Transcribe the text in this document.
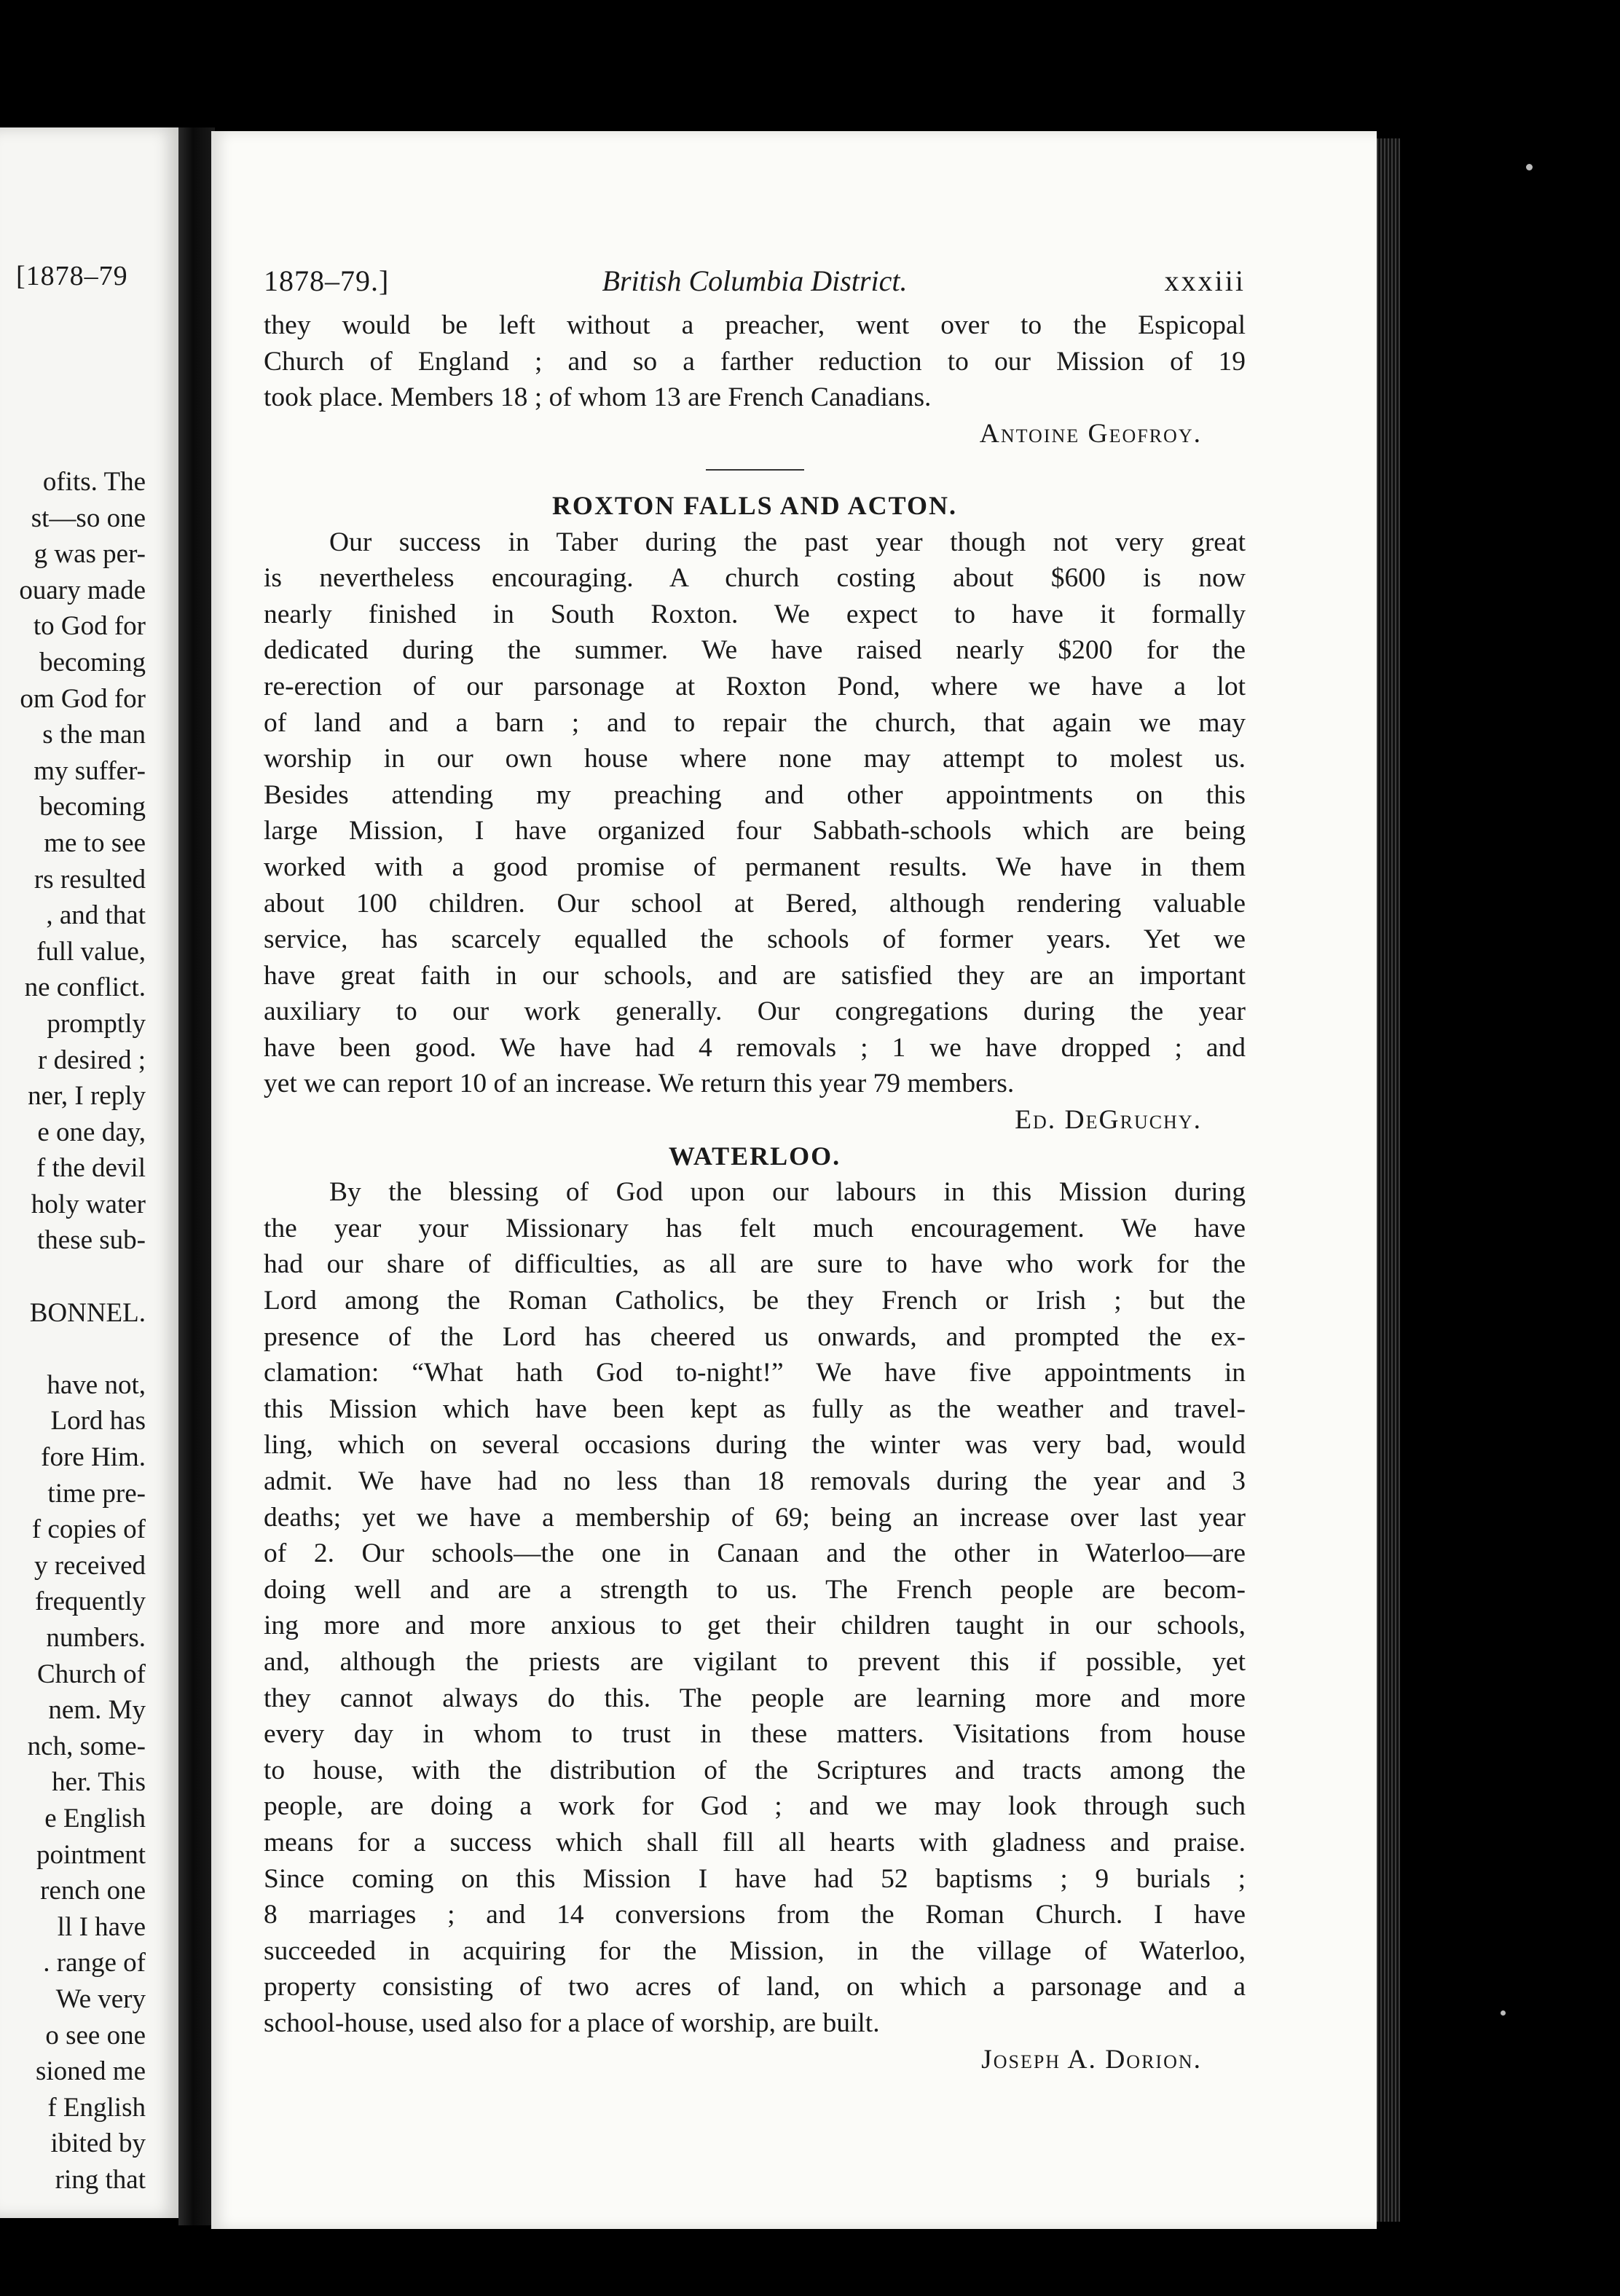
[1878–79
ofits. The
st—so one
g was per-
ouary made
to God for
becoming
om God for
s the man
my suffer-
becoming
me to see
rs resulted
, and that
full value,
ne conflict.
promptly
r desired ;
ner, I reply
e one day,
f the devil
holy water
these sub-
BONNEL.
have not,
Lord has
fore Him.
time pre-
f copies of
y received
frequently
numbers.
Church of
nem. My
nch, some-
her. This
e English
pointment
rench one
ll I have
. range of
We very
o see one
sioned me
f English
ibited by
ring that
1878–79.]	British Columbia District.	xxxiii
they would be left without a preacher, went over to the Espicopal
Church of England ; and so a farther reduction to our Mission of 19
took place. Members 18 ; of whom 13 are French Canadians.
Antoine Geofroy.
ROXTON FALLS AND ACTON.
Our success in Taber during the past year though not very great
is nevertheless encouraging. A church costing about $600 is now
nearly finished in South Roxton. We expect to have it formally
dedicated during the summer. We have raised nearly $200 for the
re-erection of our parsonage at Roxton Pond, where we have a lot
of land and a barn ; and to repair the church, that again we may
worship in our own house where none may attempt to molest us.
Besides attending my preaching and other appointments on this
large Mission, I have organized four Sabbath-schools which are being
worked with a good promise of permanent results. We have in them
about 100 children. Our school at Bered, although rendering valuable
service, has scarcely equalled the schools of former years. Yet we
have great faith in our schools, and are satisfied they are an important
auxiliary to our work generally. Our congregations during the year
have been good. We have had 4 removals ; 1 we have dropped ; and
yet we can report 10 of an increase. We return this year 79 members.
Ed. DeGruchy.
WATERLOO.
By the blessing of God upon our labours in this Mission during
the year your Missionary has felt much encouragement. We have
had our share of difficulties, as all are sure to have who work for the
Lord among the Roman Catholics, be they French or Irish ; but the
presence of the Lord has cheered us onwards, and prompted the ex-
clamation: “What hath God to-night!” We have five appointments in
this Mission which have been kept as fully as the weather and travel-
ling, which on several occasions during the winter was very bad, would
admit. We have had no less than 18 removals during the year and 3
deaths; yet we have a membership of 69; being an increase over last year
of 2. Our schools—the one in Canaan and the other in Waterloo—are
doing well and are a strength to us. The French people are becom-
ing more and more anxious to get their children taught in our schools,
and, although the priests are vigilant to prevent this if possible, yet
they cannot always do this. The people are learning more and more
every day in whom to trust in these matters. Visitations from house
to house, with the distribution of the Scriptures and tracts among the
people, are doing a work for God ; and we may look through such
means for a success which shall fill all hearts with gladness and praise.
Since coming on this Mission I have had 52 baptisms ; 9 burials ;
8 marriages ; and 14 conversions from the Roman Church. I have
succeeded in acquiring for the Mission, in the village of Waterloo,
property consisting of two acres of land, on which a parsonage and a
school-house, used also for a place of worship, are built.
Joseph A. Dorion.
